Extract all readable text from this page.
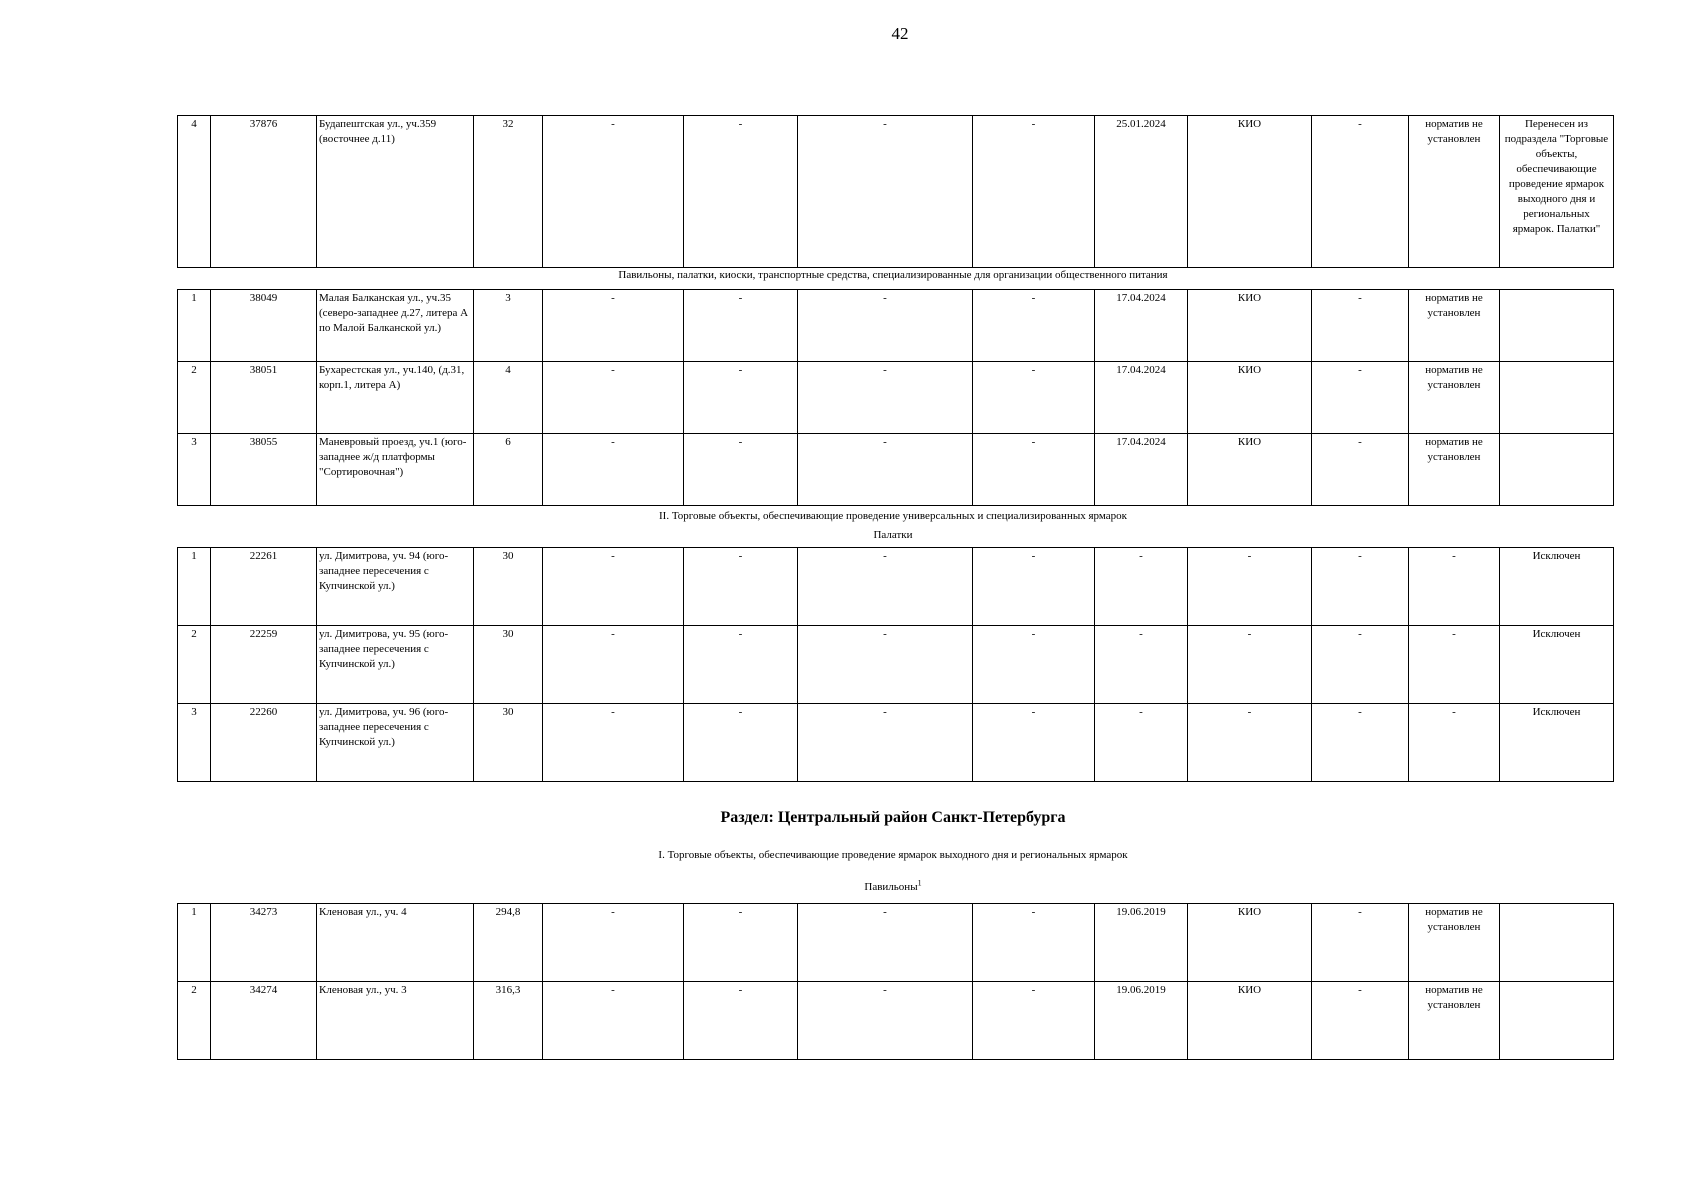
42
4	37876	Будапештская ул., уч.359 (восточнее д.11)	32	-	-	-	-	25.01.2024	КИО	-	норматив не установлен	Перенесен из подраздела "Торговые объекты, обеспечивающие проведение ярмарок выходного дня и региональных ярмарок. Палатки"
Павильоны, палатки, киоски, транспортные средства, специализированные для организации общественного питания
1	38049	Малая Балканская ул., уч.35 (северо-западнее д.27, литера А по Малой Балканской ул.)	3	-	-	-	-	17.04.2024	КИО	-	норматив не установлен	
2	38051	Бухарестская ул., уч.140, (д.31, корп.1, литера А)	4	-	-	-	-	17.04.2024	КИО	-	норматив не установлен	
3	38055	Маневровый проезд, уч.1 (юго-западнее ж/д платформы "Сортировочная")	6	-	-	-	-	17.04.2024	КИО	-	норматив не установлен	
II. Торговые объекты, обеспечивающие проведение универсальных и специализированных ярмарок
Палатки
1	22261	ул. Димитрова, уч. 94 (юго-западнее пересечения с Купчинской ул.)	30	-	-	-	-	-	-	-	-	Исключен
2	22259	ул. Димитрова, уч. 95 (юго-западнее пересечения с Купчинской ул.)	30	-	-	-	-	-	-	-	-	Исключен
3	22260	ул. Димитрова, уч. 96 (юго-западнее пересечения с Купчинской ул.)	30	-	-	-	-	-	-	-	-	Исключен
Раздел: Центральный район Санкт-Петербурга
I. Торговые объекты, обеспечивающие проведение ярмарок выходного дня и региональных ярмарок
Павильоны$^1$
1	34273	Кленовая ул., уч. 4	294,8	-	-	-	-	19.06.2019	КИО	-	норматив не установлен	
2	34274	Кленовая ул., уч. 3	316,3	-	-	-	-	19.06.2019	КИО	-	норматив не установлен	
